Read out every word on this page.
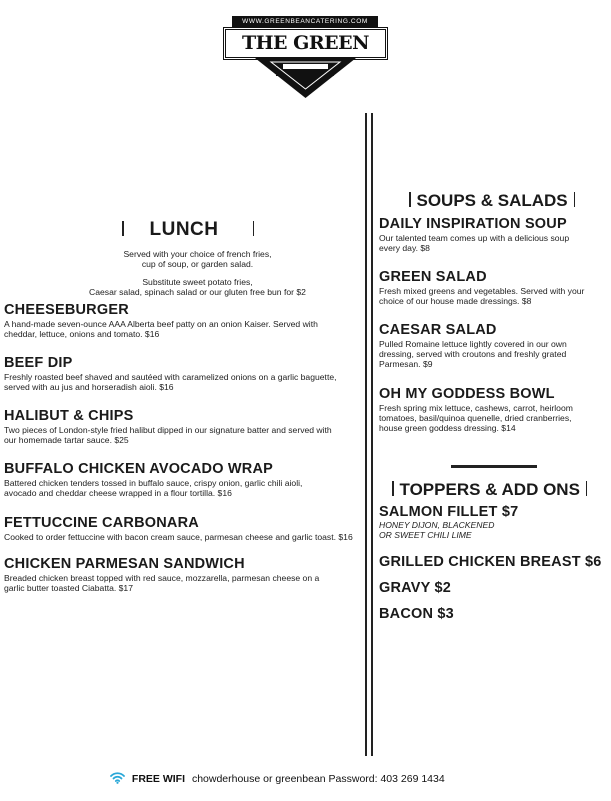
WWW.GREENBEANCATERING.COM
THE GREEN
LUNCH
Served with your choice of french fries,
cup of soup, or garden salad.
Substitute sweet potato fries,
Caesar salad, spinach salad or our gluten free bun for $2
CHEESEBURGER
A hand-made seven-ounce AAA Alberta beef patty on an onion Kaiser. Served with
cheddar, lettuce, onions and tomato. $16
BEEF DIP
Freshly roasted beef shaved and sautéed with caramelized onions on a garlic baguette,
served with au jus and horseradish aioli. $16
HALIBUT & CHIPS
Two pieces of London-style fried halibut dipped in our signature batter and served with
our homemade tartar sauce. $25
BUFFALO CHICKEN AVOCADO WRAP
Battered chicken tenders tossed in buffalo sauce, crispy onion, garlic chili aioli,
avocado and cheddar cheese wrapped in a flour tortilla. $16
FETTUCCINE CARBONARA
Cooked to order fettuccine with bacon cream sauce, parmesan cheese and garlic toast. $16
CHICKEN PARMESAN SANDWICH
Breaded chicken breast topped with red sauce, mozzarella, parmesan cheese on a
garlic butter toasted Ciabatta. $17
SOUPS & SALADS
DAILY INSPIRATION SOUP
Our talented team comes up with a delicious soup
every day. $8
GREEN SALAD
Fresh mixed greens and vegetables. Served with your
choice of our house made dressings. $8
CAESAR SALAD
Pulled Romaine lettuce lightly covered in our own
dressing, served with croutons and freshly grated
Parmesan. $9
OH MY GODDESS BOWL
Fresh spring mix lettuce, cashews, carrot, heirloom
tomatoes, basil/quinoa quenelle, dried cranberries,
house green goddess dressing. $14
TOPPERS & ADD ONS
SALMON FILLET $7
HONEY DIJON, BLACKENED
OR SWEET CHILI LIME
GRILLED CHICKEN BREAST $6
GRAVY $2
BACON $3
FREE WIFI chowderhouse or greenbean Password: 403 269 1434
